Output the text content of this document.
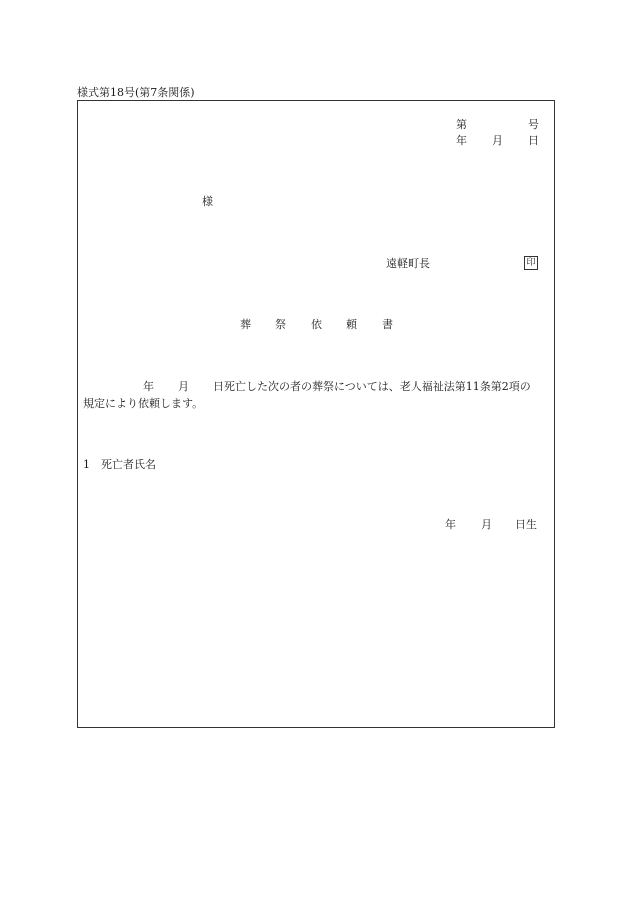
様式第18号(第7条関係)
第	号
年 月 日
様
遠軽町長	印
葬 祭 依 頼 書
年 月 日死亡した次の者の葬祭については、老人福祉法第11条第2項の
規定により依頼します。
1 死亡者氏名
年 月 日生
